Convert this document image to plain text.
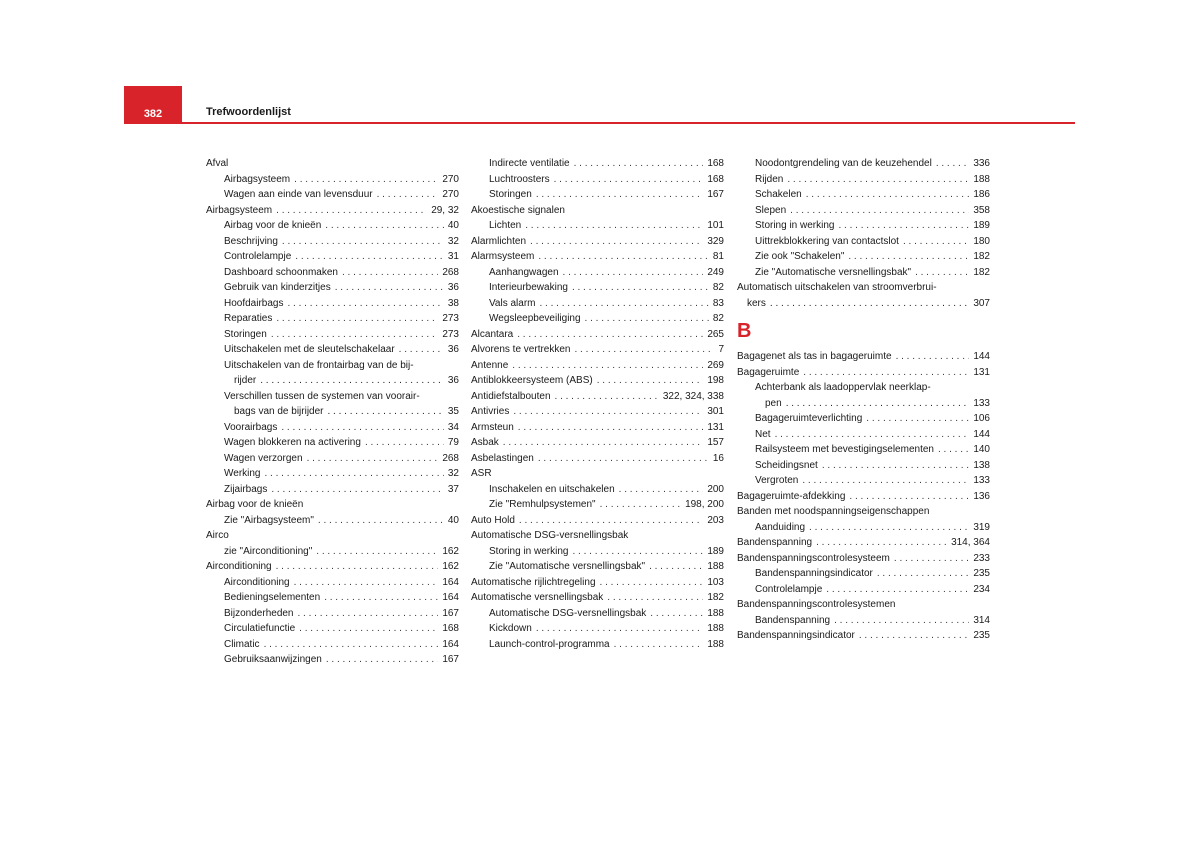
382	Trefwoordenlijst
Afval
Airbagsysteem . . .	270
Wagen aan einde van levensduur . . .	270
Airbagsysteem . . .	29, 32
Airbag voor de knieën . . .	40
Beschrijving . . .	32
Controlelampje . . .	31
Dashboard schoonmaken . . .	268
Gebruik van kinderzitjes . . .	36
Hoofdairbags . . .	38
Reparaties . . .	273
Storingen . . .	273
Uitschakelen met de sleutelschakelaar . . .	36
Uitschakelen van de frontairbag van de bij-
rijder . . .	36
Verschillen tussen de systemen van voorair-
bags van de bijrijder . . .	35
Voorairbags . . .	34
Wagen blokkeren na activering . . .	79
Wagen verzorgen . . .	268
Werking . . .	32
Zijairbags . . .	37
Airbag voor de knieën
Zie "Airbagsysteem" . . .	40
Airco
zie "Airconditioning" . . .	162
Airconditioning . . .	162
Airconditioning . . .	164
Bedieningselementen . . .	164
Bijzonderheden . . .	167
Circulatiefunctie . . .	168
Climatic . . .	164
Gebruiksaanwijzingen . . .	167
Indirecte ventilatie . . .	168
Luchtroosters . . .	168
Storingen . . .	167
Akoestische signalen
Lichten . . .	101
Alarmlichten . . .	329
Alarmsysteem . . .	81
Aanhangwagen . . .	249
Interieurbewaking . . .	82
Vals alarm . . .	83
Wegsleepbeveiliging . . .	82
Alcantara . . .	265
Alvorens te vertrekken . . .	7
Antenne . . .	269
Antiblokkeersysteem (ABS) . . .	198
Antidiefstalbouten . . .	322, 324, 338
Antivries . . .	301
Armsteun . . .	131
Asbak . . .	157
Asbelastingen . . .	16
ASR
Inschakelen en uitschakelen . . .	200
Zie "Remhulpsystemen" . . .	198, 200
Auto Hold . . .	203
Automatische DSG-versnellingsbak
Storing in werking . . .	189
Zie "Automatische versnellingsbak" . . .	188
Automatische rijlichtregeling . . .	103
Automatische versnellingsbak . . .	182
Automatische DSG-versnellingsbak . . .	188
Kickdown . . .	188
Launch-control-programma . . .	188
Noodontgrendeling van de keuzehendel . . .	336
Rijden . . .	188
Schakelen . . .	186
Slepen . . .	358
Storing in werking . . .	189
Uittrekblokkering van contactslot . . .	180
Zie ook "Schakelen" . . .	182
Zie "Automatische versnellingsbak" . . .	182
Automatisch uitschakelen van stroomverbrui-
kers . . .	307
B
Bagagenet als tas in bagageruimte . . .	144
Bagageruimte . . .	131
Achterbank als laadoppervlak neerklap-
pen . . .	133
Bagageruimteverlichting . . .	106
Net . . .	144
Railsysteem met bevestigingselementen . . .	140
Scheidingsnet . . .	138
Vergroten . . .	133
Bagageruimte-afdekking . . .	136
Banden met noodspanningseigenschappen
Aanduiding . . .	319
Bandenspanning . . .	314, 364
Bandenspanningscontrolesysteem . . .	233
Bandenspanningsindicator . . .	235
Controlelampje . . .	234
Bandenspanningscontrolesystemen
Bandenspanning . . .	314
Bandenspanningsindicator . . .	235
